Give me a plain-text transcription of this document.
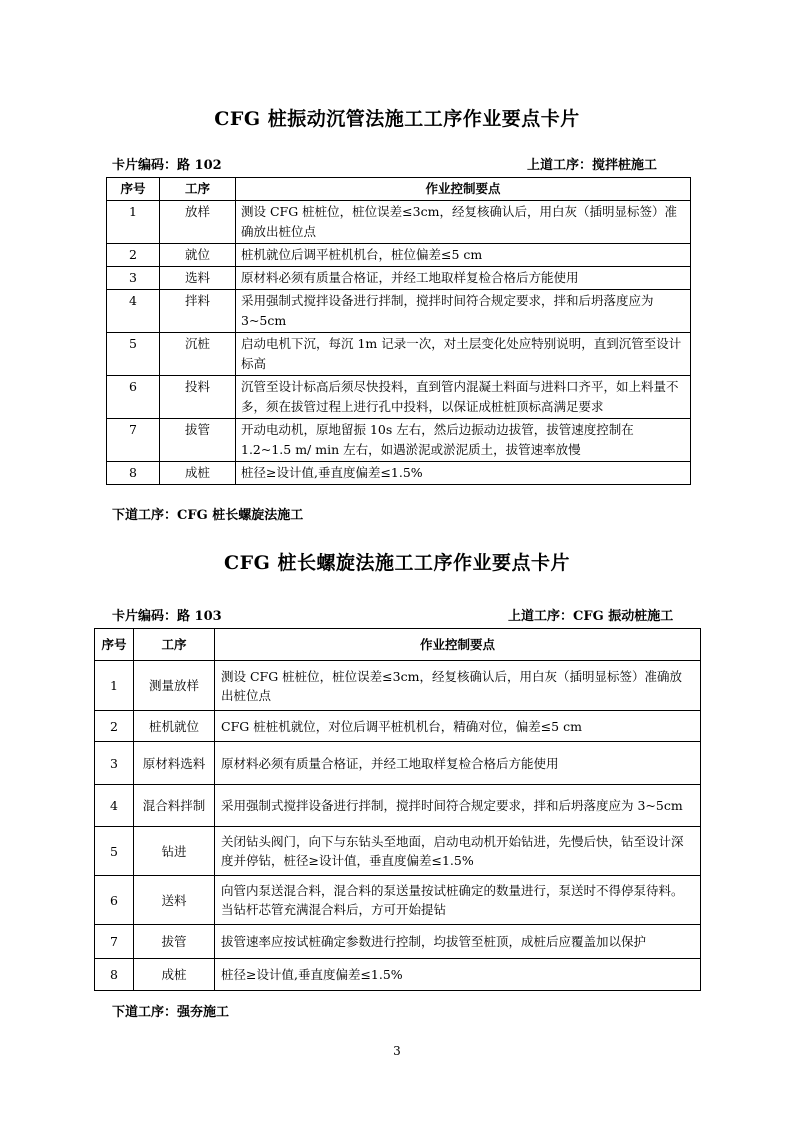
CFG 桩振动沉管法施工工序作业要点卡片
卡片编码：路 102	上道工序：搅拌桩施工
序号	工序	作业控制要点
1	放样	测设 CFG 桩桩位，桩位误差≤3cm，经复核确认后，用白灰（插明显标签）准确放出桩位点
2	就位	桩机就位后调平桩机机台，桩位偏差≤5 cm
3	选料	原材料必须有质量合格证，并经工地取样复检合格后方能使用
4	拌料	采用强制式搅拌设备进行拌制，搅拌时间符合规定要求，拌和后坍落度应为 3~5cm
5	沉桩	启动电机下沉，每沉 1m 记录一次，对土层变化处应特别说明，直到沉管至设计标高
6	投料	沉管至设计标高后须尽快投料，直到管内混凝土料面与进料口齐平，如上料量不多，须在拔管过程上进行孔中投料，以保证成桩桩顶标高满足要求
7	拔管	开动电动机，原地留振 10s 左右，然后边振动边拔管，拔管速度控制在 1.2~1.5 m/ min 左右，如遇淤泥或淤泥质土，拔管速率放慢
8	成桩	桩径≥设计值,垂直度偏差≤1.5%
下道工序：CFG 桩长螺旋法施工
CFG 桩长螺旋法施工工序作业要点卡片
卡片编码：路 103	上道工序：CFG 振动桩施工
序号	工序	作业控制要点
1	测量放样	测设 CFG 桩桩位，桩位误差≤3cm，经复核确认后，用白灰（插明显标签）准确放出桩位点
2	桩机就位	CFG 桩桩机就位，对位后调平桩机机台，精确对位，偏差≤5 cm
3	原材料选料	原材料必须有质量合格证，并经工地取样复检合格后方能使用
4	混合料拌制	采用强制式搅拌设备进行拌制，搅拌时间符合规定要求，拌和后坍落度应为 3~5cm
5	钻进	关闭钻头阀门，向下与东钻头至地面，启动电动机开始钻进，先慢后快，钻至设计深度并停钻，桩径≥设计值，垂直度偏差≤1.5%
6	送料	向管内泵送混合料，混合料的泵送量按试桩确定的数量进行，泵送时不得停泵待料。当钻杆芯管充满混合料后，方可开始提钻
7	拔管	拔管速率应按试桩确定参数进行控制，均拔管至桩顶，成桩后应覆盖加以保护
8	成桩	桩径≥设计值,垂直度偏差≤1.5%
下道工序：强夯施工
3
